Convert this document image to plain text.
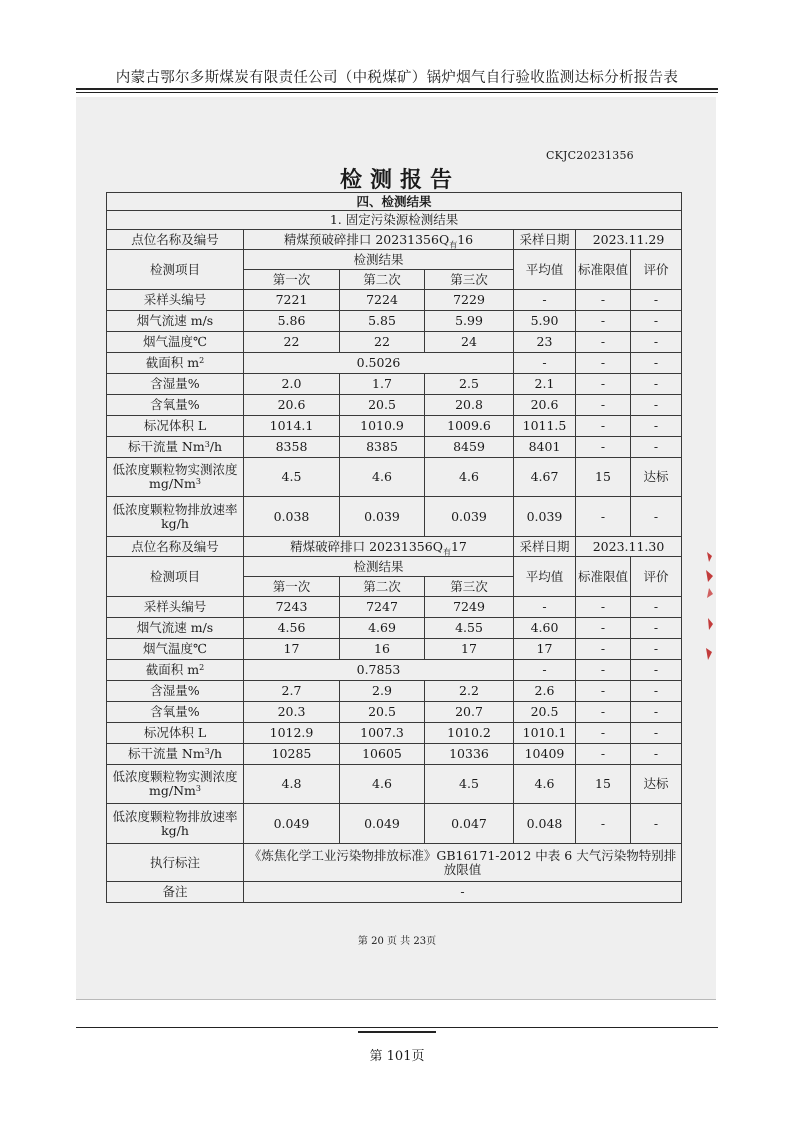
内蒙古鄂尔多斯煤炭有限责任公司（中税煤矿）锅炉烟气自行验收监测达标分析报告表
CKJC20231356
检测报告
四、检测结果						
1. 固定污染源检测结果						
点位名称及编号	精煤预破碎排口 $20231356Q_有16$			采样日期	2023.11.29	
检测项目	检测结果			平均值	标准限值	评价
	第一次	第二次	第三次			
采样头编号	7221	7224	7229	-	-	-
烟气流速 m/s	5.86	5.85	5.99	5.90	-	-
烟气温度℃	22	22	24	23	-	-
截面积 $m^2$	0.5026			-	-	-
含湿量%	2.0	1.7	2.5	2.1	-	-
含氧量%	20.6	20.5	20.8	20.6	-	-
标况体积 L	1014.1	1010.9	1009.6	1011.5	-	-
标干流量 Nm$^3$/h	8358	8385	8459	8401	-	-
低浓度颗粒物实测浓度 mg/Nm$^3$	4.5	4.6	4.6	4.67	15	达标
低浓度颗粒物排放速率 kg/h	0.038	0.039	0.039	0.039	-	-
点位名称及编号	精煤破碎排口 $20231356Q_有17$			采样日期	2023.11.30	
检测项目	检测结果			平均值	标准限值	评价
	第一次	第二次	第三次			
采样头编号	7243	7247	7249	-	-	-
烟气流速 m/s	4.56	4.69	4.55	4.60	-	-
烟气温度℃	17	16	17	17	-	-
截面积 $m^2$	0.7853			-	-	-
含湿量%	2.7	2.9	2.2	2.6	-	-
含氧量%	20.3	20.5	20.7	20.5	-	-
标况体积 L	1012.9	1007.3	1010.2	1010.1	-	-
标干流量 Nm$^3$/h	10285	10605	10336	10409	-	-
低浓度颗粒物实测浓度 mg/Nm$^3$	4.8	4.6	4.5	4.6	15	达标
低浓度颗粒物排放速率 kg/h	0.049	0.049	0.047	0.048	-	-
执行标注	《炼焦化学工业污染物排放标准》GB16171-2012 中表 6 大气污染物特别排放限值					
备注	-					
第 20 页 共 23页
第 101页
